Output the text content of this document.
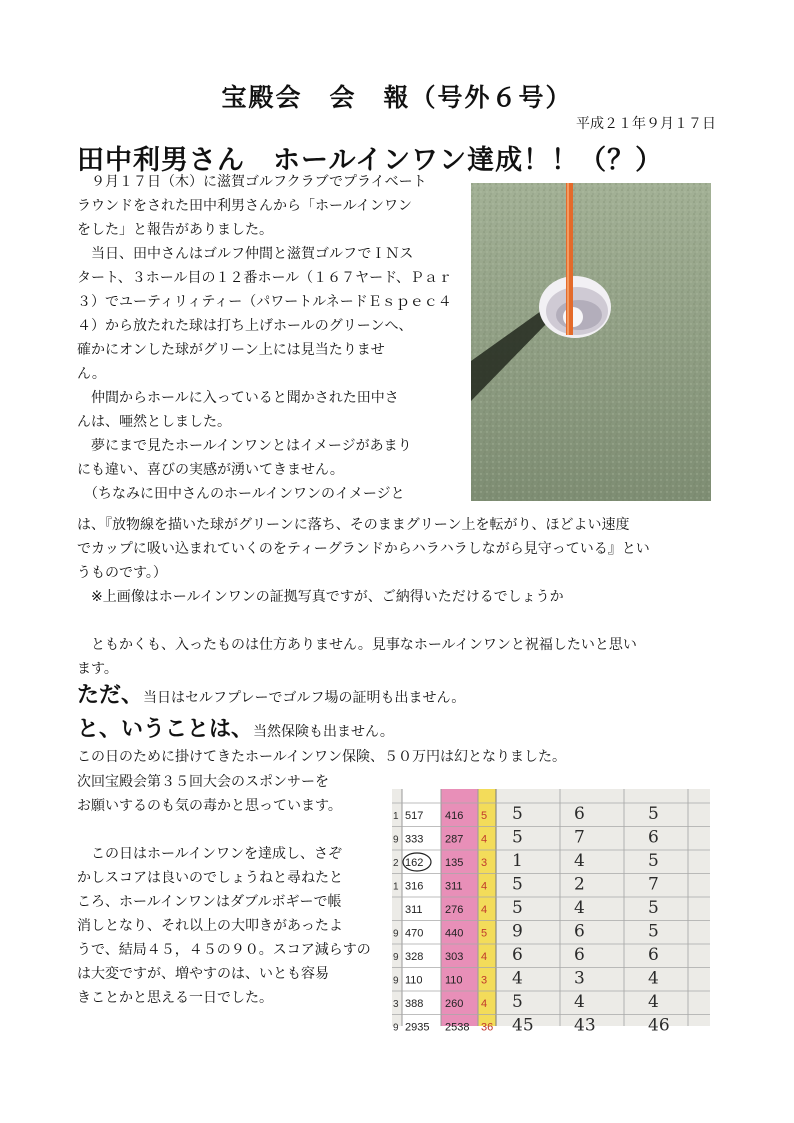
宝殿会　会　報（号外６号）
平成２１年９月１７日
田中利男さん　ホールインワン達成！！（？）
　９月１７日（木）に滋賀ゴルフクラブでプライベート
ラウンドをされた田中利男さんから「ホールインワン
をした」と報告がありました。
　当日、田中さんはゴルフ仲間と滋賀ゴルフでＩＮス
タート、３ホール目の１２番ホール（１６７ヤード、Ｐａｒ
３）でユーティリィティー（パワートルネードＥｓｐｅｃ４
４）から放たれた球は打ち上げホールのグリーンへ、
確かにオンした球がグリーン上には見当たりませ
ん。
　仲間からホールに入っていると聞かされた田中さ
んは、唖然としました。
　夢にまで見たホールインワンとはイメージがあまり
にも違い、喜びの実感が湧いてきません。
　（ちなみに田中さんのホールインワンのイメージと
は、『放物線を描いた球がグリーンに落ち、そのままグリーン上を転がり、ほどよい速度
でカップに吸い込まれていくのをティーグランドからハラハラしながら見守っている』とい
うものです。）
　※上画像はホールインワンの証拠写真ですが、ご納得いただけるでしょうか

　ともかくも、入ったものは仕方ありません。見事なホールインワンと祝福したいと思い
ます。
ただ、当日はセルフプレーでゴルフ場の証明も出ません。
と、いうことは、当然保険も出ません。
この日のために掛けてきたホールインワン保険、５０万円は幻となりました。
次回宝殿会第３５回大会のスポンサーを
お願いするのも気の毒かと思っています。

　この日はホールインワンを達成し、さぞ
かしスコアは良いのでしょうねと尋ねたと
ころ、ホールインワンはダブルボギーで帳
消しとなり、それ以上の大叩きがあったよ
うで、結局４５，４５の９０。スコア減らすの
は大変ですが、増やすのは、いとも容易
きことかと思える一日でした。
1 517 416 5 5	6	5
9 333 287 4 5	7	6
2 162 135 3 1	4	5
1 316 311 4 5	2	7
311 276 4 5	4	5
9 470 440 5 9	6	5
9 328 303 4 6	6	6
9 110 110 3 4	3	4
3 388 260 4 5	4	4
9 2935 2538 36 45 43	46
